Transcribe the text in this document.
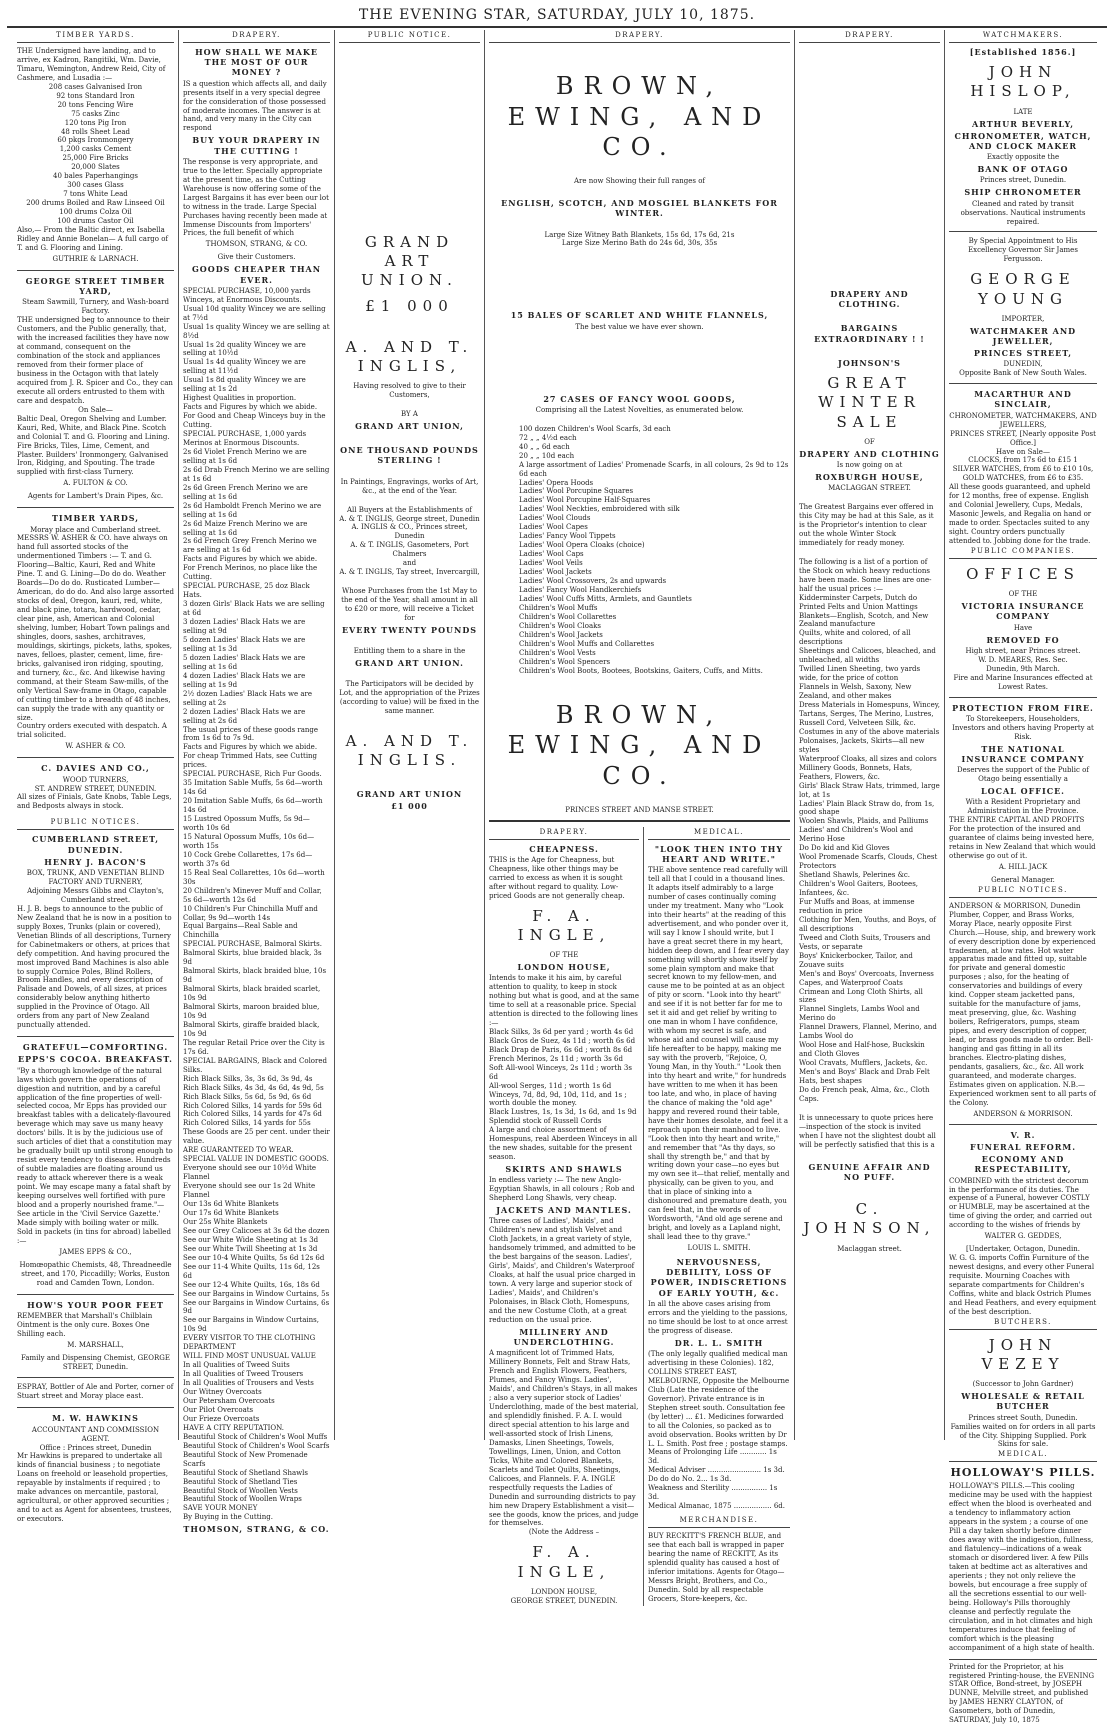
THE EVENING STAR, SATURDAY, JULY 10, 1875.
TIMBER YARDS.

THE Undersigned have landing, and to arrive, ex Kadron, Rangitiki, Wm. Davie, Timaru, Wemington, Andrew Reid, City of Cashmere, and Lusadia :—

208 cases Galvanised Iron
92 tons Standard Iron
20 tons Fencing Wire
75 casks Zinc
120 tons Pig Iron
48 rolls Sheet Lead
60 pkgs Ironmongery
1,200 casks Cement
25,000 Fire Bricks
20,000 Slates
40 bales Paperhangings
300 cases Glass
7 tons White Lead
200 drums Boiled and Raw Linseed Oil
100 drums Colza Oil
100 drums Castor Oil

Also,— From the Baltic direct, ex Isabella Ridley and Annie Bonelan— A full cargo of T. and G. Flooring and Lining.

GUTHRIE & LARNACH.
GEORGE STREET TIMBER YARD,
Steam Sawmill, Turnery, and Wash-board Factory.

THE undersigned beg to announce to their Customers, and the Public generally, that, with the increased facilities they have now at command, consequent on the combination of the stock and appliances removed from their former place of business in the Octagon with that lately acquired from J. R. Spicer and Co., they can execute all orders entrusted to them with care and despatch.

On Sale—

Baltic Deal, Oregon Shelving and Lumber. Kauri, Red, White, and Black Pine. Scotch and Colonial T. and G. Flooring and Lining. Fire Bricks, Tiles, Lime, Cement, and Plaster. Builders' Ironmongery, Galvanised Iron, Ridging, and Spouting. The trade supplied with first-class Turnery.

A. FULTON & CO.
Agents for Lambert's Drain Pipes, &c.
TIMBER YARDS,
Moray place and Cumberland street.

MESSRS W. ASHER & CO. have always on hand full assorted stocks of the undermentioned Timbers :— T. and G. Flooring—Baltic, Kauri, Red and White Pine. T. and G. Lining—Do do do. Weather Boards—Do do do. Rusticated Lumber—American, do do do. And also large assorted stocks of deal, Oregon, kauri, red, white, and black pine, totara, hardwood, cedar, clear pine, ash, American and Colonial shelving, lumber, Hobart Town palings and shingles, doors, sashes, architraves, mouldings, skirtings, pickets, laths, spokes, naves, felloes, plaster, cement, lime, fire-bricks, galvanised iron ridging, spouting, and turnery, &c., &c. And likewise having command, at their Steam Saw-mills, of the only Vertical Saw-frame in Otago, capable of cutting timber to a breadth of 48 inches, can supply the trade with any quantity or size.

Country orders executed with despatch. A trial solicited.

W. ASHER & CO.
C. DAVIES AND CO.,
WOOD TURNERS,
ST. ANDREW STREET, DUNEDIN.

All sizes of Finials, Gate Knobs, Table Legs, and Bedposts always in stock.

PUBLIC NOTICES.
CUMBERLAND STREET, DUNEDIN.
HENRY J. BACON'S
BOX, TRUNK, AND VENETIAN BLIND FACTORY AND TURNERY,
Adjoining Messrs Gibbs and Clayton's, Cumberland street.

H. J. B. begs to announce to the public of New Zealand that he is now in a position to supply Boxes, Trunks (plain or covered), Venetian Blinds of all descriptions, Turnery for Cabinetmakers or others, at prices that defy competition. And having procured the most improved Band Machines is also able to supply Cornice Poles, Blind Rollers, Broom Handles, and every description of Palisade and Dowels, of all sizes, at prices considerably below anything hitherto supplied in the Province of Otago. All orders from any part of New Zealand punctually attended.

GRATEFUL—COMFORTING.
EPPS'S COCOA. BREAKFAST.

"By a thorough knowledge of the natural laws which govern the operations of digestion and nutrition, and by a careful application of the fine properties of well-selected cocoa, Mr Epps has provided our breakfast tables with a delicately-flavoured beverage which may save us many heavy doctors' bills. It is by the judicious use of such articles of diet that a constitution may be gradually built up until strong enough to resist every tendency to disease. Hundreds of subtle maladies are floating around us ready to attack wherever there is a weak point. We may escape many a fatal shaft by keeping ourselves well fortified with pure blood and a properly nourished frame."—See article in the 'Civil Service Gazette.' Made simply with boiling water or milk. Sold in packets (in tins for abroad) labelled :—

JAMES EPPS & CO.,
Homœopathic Chemists, 48, Threadneedle street, and 170, Piccadilly; Works, Euston road and Camden Town, London.
HOW'S YOUR POOR FEET

REMEMBER that Marshall's Chilblain Ointment is the only cure. Boxes One Shilling each.

M. MARSHALL,
Family and Dispensing Chemist, GEORGE STREET, Dunedin.

ESPRAY, Bottler of Ale and Porter, corner of Stuart street and Moray place east.

M. W. HAWKINS
ACCOUNTANT AND COMMISSION AGENT.
Office : Princes street, Dunedin

Mr Hawkins is prepared to undertake all kinds of financial business ; to negotiate Loans on freehold or leasehold properties, repayable by instalments if required ; to make advances on mercantile, pastoral, agricultural, or other approved securities ; and to act as Agent for absentees, trustees, or executors.

DRAPERY.
HOW SHALL WE MAKE THE MOST OF OUR MONEY ?

IS a question which affects all, and daily presents itself in a very special degree for the consideration of those possessed of moderate incomes. The answer is at hand, and very many in the City can respond

BUY YOUR DRAPERY IN THE CUTTING !

The response is very appropriate, and true to the letter. Specially appropriate at the present time, as the Cutting Warehouse is now offering some of the Largest Bargains it has ever been our lot to witness in the trade. Large Special Purchases having recently been made at Immense Discounts from Importers' Prices, the full benefit of which

THOMSON, STRANG, & CO.
Give their Customers.
GOODS CHEAPER THAN EVER.
SPECIAL PURCHASE, 10,000 yards Winceys, at Enormous Discounts.
Usual 10d quality Wincey we are selling at 7½d
Usual 1s quality Wincey we are selling at 8½d
Usual 1s 2d quality Wincey we are selling at 10½d
Usual 1s 4d quality Wincey we are selling at 11½d
Usual 1s 8d quality Wincey we are selling at 1s 2d
Highest Qualities in proportion.
Facts and Figures by which we abide.
For Good and Cheap Winceys buy in the Cutting.
SPECIAL PURCHASE, 1,000 yards Merinos at Enormous Discounts.
2s 6d Violet French Merino we are selling at 1s 6d
2s 6d Drab French Merino we are selling at 1s 6d
2s 6d Green French Merino we are selling at 1s 6d
2s 6d Hamboldt French Merino we are selling at 1s 6d
2s 6d Maize French Merino we are selling at 1s 6d
2s 6d French Grey French Merino we are selling at 1s 6d
Facts and Figures by which we abide.
For French Merinos, no place like the Cutting.
SPECIAL PURCHASE, 25 doz Black Hats.
3 dozen Girls' Black Hats we are selling at 6d
3 dozen Ladies' Black Hats we are selling at 9d
5 dozen Ladies' Black Hats we are selling at 1s 3d
5 dozen Ladies' Black Hats we are selling at 1s 6d
4 dozen Ladies' Black Hats we are selling at 1s 9d
2½ dozen Ladies' Black Hats we are selling at 2s
2 dozen Ladies' Black Hats we are selling at 2s 6d
The usual prices of these goods range from 1s 6d to 7s 9d.
Facts and Figures by which we abide.
For cheap Trimmed Hats, see Cutting prices.
SPECIAL PURCHASE, Rich Fur Goods.
35 Imitation Sable Muffs, 5s 6d—worth 14s 6d
20 Imitation Sable Muffs, 6s 6d—worth 14s 6d
15 Lustred Opossum Muffs, 5s 9d—worth 10s 6d
15 Natural Opossum Muffs, 10s 6d—worth 15s
10 Cock Grebe Collarettes, 17s 6d—worth 37s 6d
15 Real Seal Collarettes, 10s 6d—worth 30s
20 Children's Minever Muff and Collar, 5s 6d—worth 12s 6d
10 Children's Fur Chinchilla Muff and Collar, 9s 9d—worth 14s
Equal Bargains—Real Sable and Chinchilla
SPECIAL PURCHASE, Balmoral Skirts.
Balmoral Skirts, blue braided black, 3s 9d
Balmoral Skirts, black braided blue, 10s 9d
Balmoral Skirts, black braided scarlet, 10s 9d
Balmoral Skirts, maroon braided blue, 10s 9d
Balmoral Skirts, giraffe braided black, 10s 9d
The regular Retail Price over the City is 17s 6d.
SPECIAL BARGAINS, Black and Colored Silks.
Rich Black Silks, 3s, 3s 6d, 3s 9d, 4s
Rich Black Silks, 4s 3d, 4s 6d, 4s 9d, 5s
Rich Black Silks, 5s 6d, 5s 9d, 6s 6d
Rich Colored Silks, 14 yards for 59s 6d
Rich Colored Silks, 14 yards for 47s 6d
Rich Colored Silks, 14 yards for 55s
These Goods are 25 per cent. under their value.
ARE GUARANTEED TO WEAR.
SPECIAL VALUE IN DOMESTIC GOODS.
Everyone should see our 10½d White Flannel
Everyone should see our 1s 2d White Flannel
Our 13s 6d White Blankets
Our 17s 6d White Blankets
Our 25s White Blankets
See our Grey Calicoes at 3s 6d the dozen
See our White Wide Sheeting at 1s 3d
See our White Twill Sheeting at 1s 3d
See our 10-4 White Quilts, 5s 6d 12s 6d
See our 11-4 White Quilts, 11s 6d, 12s 6d
See our 12-4 White Quilts, 16s, 18s 6d
See our Bargains in Window Curtains, 5s
See our Bargains in Window Curtains, 6s 9d
See our Bargains in Window Curtains, 10s 9d
EVERY VISITOR TO THE CLOTHING DEPARTMENT
WILL FIND MOST UNUSUAL VALUE
In all Qualities of Tweed Suits
In all Qualities of Tweed Trousers
In all Qualities of Trousers and Vests
Our Witney Overcoats
Our Petersham Overcoats
Our Pilot Overcoats
Our Frieze Overcoats
HAVE A CITY REPUTATION.
Beautiful Stock of Children's Wool Muffs
Beautiful Stock of Children's Wool Scarfs
Beautiful Stock of New Promenade Scarfs
Beautiful Stock of Shetland Shawls
Beautiful Stock of Shetland Ties
Beautiful Stock of Woollen Vests
Beautiful Stock of Woollen Wraps
SAVE YOUR MONEY
By Buying in the Cutting.
THOMSON, STRANG, & CO.
PUBLIC NOTICE.
GRAND ART UNION.
£1 000
A. AND T. INGLIS,
Having resolved to give to their Customers,
BY A
GRAND ART UNION,
ONE THOUSAND POUNDS STERLING !

In Paintings, Engravings, works of Art, &c., at the end of the Year.

All Buyers at the Establishments of
A. & T. INGLIS, George street, Dunedin
A. INGLIS & CO., Princes street, Dunedin
A. & T. INGLIS, Gasometers, Port Chalmers
and
A. & T. INGLIS, Tay street, Invercargill,

Whose Purchases from the 1st May to the end of the Year, shall amount in all to £20 or more, will receive a Ticket for

EVERY TWENTY POUNDS
Entitling them to a share in the
GRAND ART UNION.

The Participators will be decided by Lot, and the appropriation of the Prizes (according to value) will be fixed in the same manner.

A. AND T. INGLIS.
GRAND ART UNION
£1 000
DRAPERY.
BROWN, EWING, AND CO.
Are now Showing their full ranges of
ENGLISH, SCOTCH, AND MOSGIEL BLANKETS FOR WINTER.
Large Size Witney Bath Blankets, 15s 6d, 17s 6d, 21s
Large Size Merino Bath do 24s 6d, 30s, 35s
15 BALES OF SCARLET AND WHITE FLANNELS,
The best value we have ever shown.
27 CASES OF FANCY WOOL GOODS,
Comprising all the Latest Novelties, as enumerated below.
100 dozen Children's Wool Scarfs, 3d each
72 „ „ 4½d each
40 „ „ 6d each
20 „ „ 10d each
A large assortment of Ladies' Promenade Scarfs, in all colours, 2s 9d to 12s 6d each
Ladies' Opera Hoods
Ladies' Wool Porcupine Squares
Ladies' Wool Porcupine Half-Squares
Ladies' Wool Neckties, embroidered with silk
Ladies' Wool Clouds
Ladies' Wool Capes
Ladies' Fancy Wool Tippets
Ladies' Wool Opera Cloaks (choice)
Ladies' Wool Caps
Ladies' Wool Veils
Ladies' Wool Jackets
Ladies' Wool Crossovers, 2s and upwards
Ladies' Fancy Wool Handkerchiefs
Ladies' Wool Cuffs Mitts, Armlets, and Gauntlets
Children's Wool Muffs
Children's Wool Collarettes
Children's Wool Cloaks
Children's Wool Jackets
Children's Wool Muffs and Collarettes
Children's Wool Vests
Children's Wool Spencers
Children's Wool Boots, Bootees, Bootskins, Gaiters, Cuffs, and Mitts.
BROWN, EWING, AND CO.
PRINCES STREET AND MANSE STREET.
DRAPERY.
CHEAPNESS.

THIS is the Age for Cheapness, but Cheapness, like other things may be carried to excess as when it is sought after without regard to quality. Low-priced Goods are not generally cheap.

F. A. INGLE,
OF THE
LONDON HOUSE,

Intends to make it his aim, by careful attention to quality, to keep in stock nothing but what is good, and at the same time to sell at a reasonable price. Special attention is directed to the following lines :—

Black Silks, 3s 6d per yard ; worth 4s 6d
Black Gros de Suez, 4s 11d ; worth 6s 6d
Black Drap de Paris, 6s 6d ; worth 8s 6d
French Merinos, 2s 11d ; worth 3s 6d
Soft All-wool Winceys, 2s 11d ; worth 3s 6d
All-wool Serges, 11d ; worth 1s 6d
Winceys, 7d, 8d, 9d, 10d, 11d, and 1s ; worth double the money.
Black Lustres, 1s, 1s 3d, 1s 6d, and 1s 9d
Splendid stock of Russell Cords

A large and choice assortment of Homespuns, real Aberdeen Winceys in all the new shades, suitable for the present season.

SKIRTS AND SHAWLS

In endless variety :— The new Anglo-Egyptian Shawls, in all colours ; Rob and Shepherd Long Shawls, very cheap.

JACKETS AND MANTLES.

Three cases of Ladies', Maids', and Children's new and stylish Velvet and Cloth Jackets, in a great variety of style, handsomely trimmed, and admitted to be the best bargains of the season. Ladies', Girls', Maids', and Children's Waterproof Cloaks, at half the usual price charged in town. A very large and superior stock of Ladies', Maids', and Children's Polonaises, in Black Cloth, Homespuns, and the new Costume Cloth, at a great reduction on the usual price.

MILLINERY AND UNDERCLOTHING.

A magnificent lot of Trimmed Hats, Millinery Bonnets, Felt and Straw Hats, French and English Flowers, Feathers, Plumes, and Fancy Wings. Ladies', Maids', and Children's Stays, in all makes ; also a very superior stock of Ladies' Underclothing, made of the best material, and splendidly finished. F. A. I. would direct special attention to his large and well-assorted stock of Irish Linens, Damasks, Linen Sheetings, Towels, Towellings, Linen, Union, and Cotton Ticks, White and Colored Blankets, Scarlets and Toilet Quilts, Sheetings, Calicoes, and Flannels. F. A. INGLE respectfully requests the Ladies of Dunedin and surrounding districts to pay him new Drapery Establishment a visit—see the goods, know the prices, and judge for themselves.

(Note the Address –
F. A. INGLE,
LONDON HOUSE,
GEORGE STREET, DUNEDIN.
MEDICAL.
"LOOK THEN INTO THY HEART AND WRITE."

THE above sentence read carefully will tell all that I could in a thousand lines. It adapts itself admirably to a large number of cases continually coming under my treatment. Many who "Look into their hearts" at the reading of this advertisement, and who ponder over it, will say I know I should write, but I have a great secret there in my heart, hidden deep down, and I fear every day something will shortly show itself by some plain symptom and make that secret known to my fellow-men, and cause me to be pointed at as an object of pity or scorn. "Look into thy heart" and see if it is not better far for me to set it aid and get relief by writing to one man in whom I have confidence, with whom my secret is safe, and whose aid and counsel will cause my life hereafter to be happy, making me say with the proverb, "Rejoice, O, Young Man, in thy Youth." "Look then into thy heart and write," for hundreds have written to me when it has been too late, and who, in place of having the chance of making the "old age" happy and revered round their table, have their homes desolate, and feel it a reproach upon their manhood to live. "Look then into thy heart and write," and remember that "As thy days, so shall thy strength be," and that by writing down your case—no eyes but my own see it—that relief, mentally and physically, can be given to you, and that in place of sinking into a dishonoured and premature death, you can feel that, in the words of Wordsworth, "And old age serene and bright, and lovely as a Lapland night, shall lead thee to thy grave."

LOUIS L. SMITH.
NERVOUSNESS, DEBILITY, LOSS OF POWER, INDISCRETIONS OF EARLY YOUTH, &c.

In all the above cases arising from errors and the yielding to the passions, no time should be lost to at once arrest the progress of disease.

DR. L. L. SMITH

(The only legally qualified medical man advertising in these Colonies). 182, COLLINS STREET EAST, MELBOURNE, Opposite the Melbourne Club (Late the residence of the Governor). Private entrance is in Stephen street south. Consultation fee (by letter) ... £1. Medicines forwarded to all the Colonies, so packed as to avoid observation. Books written by Dr L. L. Smith. Post free ; postage stamps.

Means of Prolonging Life ............ 1s 3d.
Medical Adviser ........................ 1s 3d.
Do do do No. 2... 1s 3d.
Weakness and Sterility ................ 1s 3d.
Medical Almanac, 1875 ................. 6d.
MERCHANDISE.

BUY RECKITT'S FRENCH BLUE, and see that each ball is wrapped in paper bearing the name of RECKITT, As its splendid quality has caused a host of inferior imitations. Agents for Otago—Messrs Bright, Brothers, and Co., Dunedin. Sold by all respectable Grocers, Store-keepers, &c.

DRAPERY.
DRAPERY AND CLOTHING.
BARGAINS EXTRAORDINARY ! !
JOHNSON'S
GREAT WINTER SALE
OF
DRAPERY AND CLOTHING
Is now going on at
ROXBURGH HOUSE,
MACLAGGAN STREET.

The Greatest Bargains ever offered in this City may be had at this Sale, as it is the Proprietor's intention to clear out the whole Winter Stock immediately for ready money.

The following is a list of a portion of the Stock on which heavy reductions have been made. Some lines are one-half the usual prices :—

Kidderminster Carpets, Dutch do
Printed Felts and Union Mattings
Blankets—English, Scotch, and New Zealand manufacture
Quilts, white and colored, of all descriptions
Sheetings and Calicoes, bleached, and unbleached, all widths
Twilled Linen Sheeting, two yards wide, for the price of cotton
Flannels in Welsh, Saxony, New Zealand, and other makes
Dress Materials in Homespuns, Wincey, Tartans, Serges, The Merino, Lustres, Russell Cord, Velveteen Silk, &c.
Costumes in any of the above materials
Polonaises, Jackets, Skirts—all new styles
Waterproof Cloaks, all sizes and colors
Millinery Goods, Bonnets, Hats, Feathers, Flowers, &c.
Girls' Black Straw Hats, trimmed, large lot, at 1s
Ladies' Plain Black Straw do, from 1s, good shape
Woolen Shawls, Plaids, and Palliums
Ladies' and Children's Wool and Merino Hose
Do Do kid and Kid Gloves
Wool Promenade Scarfs, Clouds, Chest Protectors
Shetland Shawls, Pelerines &c.
Children's Wool Gaiters, Bootees, Infantees, &c.
Fur Muffs and Boas, at immense reduction in price
Clothing for Men, Youths, and Boys, of all descriptions
Tweed and Cloth Suits, Trousers and Vests, or separate
Boys' Knickerbocker, Tailor, and Zouave suits
Men's and Boys' Overcoats, Inverness Capes, and Waterproof Coats
Crimean and Long Cloth Shirts, all sizes
Flannel Singlets, Lambs Wool and Merino do
Flannel Drawers, Flannel, Merino, and Lambs Wool do
Wool Hose and Half-hose, Buckskin and Cloth Gloves
Wool Cravats, Mufflers, Jackets, &c.
Men's and Boys' Black and Drab Felt Hats, best shapes
Do do French peak, Alma, &c., Cloth Caps.

It is unnecessary to quote prices here—inspection of the stock is invited when I have not the slightest doubt all will be perfectly satisfied that this is a

GENUINE AFFAIR AND NO PUFF.
C. JOHNSON,
Maclaggan street.
WATCHMAKERS.
[Established 1856.]
JOHN HISLOP,
LATE
ARTHUR BEVERLY,
CHRONOMETER, WATCH, AND CLOCK MAKER
Exactly opposite the
BANK OF OTAGO
Princes street, Dunedin.
SHIP CHRONOMETER

Cleaned and rated by transit observations. Nautical instruments repaired.

By Special Appointment to His Excellency Governor Sir James Fergusson.

GEORGE YOUNG
IMPORTER,
WATCHMAKER AND JEWELLER,
PRINCES STREET,
DUNEDIN,
Opposite Bank of New South Wales.
MACARTHUR AND SINCLAIR,
CHRONOMETER, WATCHMAKERS, AND JEWELLERS,
PRINCES STREET, [Nearly opposite Post Office.]
Have on Sale—
CLOCKS, from 17s 6d to £15 1
SILVER WATCHES, from £6 to £10 10s,
GOLD WATCHES, from £6 to £35.

All these goods guaranteed, and upheld for 12 months, free of expense. English and Colonial Jewellery, Cups, Medals, Masonic Jewels, and Regalia on hand or made to order. Spectacles suited to any sight. Country orders punctually attended to. Jobbing done for the trade.

PUBLIC COMPANIES.
OFFICES
OF THE
VICTORIA INSURANCE COMPANY
Have
REMOVED FO
High street, near Princes street.
W. D. MEARES, Res. Sec.
Dunedin, 9th March.

Fire and Marine Insurances effected at Lowest Rates.

PROTECTION FROM FIRE.

To Storekeepers, Householders, Investors and others having Property at Risk.

THE NATIONAL INSURANCE COMPANY

Deserves the support of the Public of Otago being essentially a

LOCAL OFFICE.

With a Resident Proprietary and Administration in the Province.

THE ENTIRE CAPITAL AND PROFITS For the protection of the insured and guarantee of claims being invested here, retains in New Zealand that which would otherwise go out of it.

A. HILL JACK
General Manager.
PUBLIC NOTICES.

ANDERSON & MORRISON, Dunedin Plumber, Copper, and Brass Works, Moray Place, nearly opposite First Church.—House, ship, and brewery work of every description done by experienced tradesmen, at low rates. Hot water apparatus made and fitted up, suitable for private and general domestic purposes ; also, for the heating of conservatories and buildings of every kind. Copper steam jacketted pans, suitable for the manufacture of jams, meat preserving, glue, &c. Washing boilers, Refrigerators, pumps, steam pipes, and every description of copper, lead, or brass goods made to order. Bell-hanging and gas fitting in all its branches. Electro-plating dishes, pendants, gasaliers, &c., &c. All work guaranteed, and moderate charges. Estimates given on application. N.B.—Experienced workmen sent to all parts of the Colony.

ANDERSON & MORRISON.
V. R.
FUNERAL REFORM.
ECONOMY AND RESPECTABILITY,

COMBINED with the strictest decorum in the performance of its duties. The expense of a Funeral, however COSTLY or HUMBLE, may be ascertained at the time of giving the order, and carried out according to the wishes of friends by

WALTER G. GEDDES,
[Undertaker, Octagon, Dunedin.

W. G. G. imports Coffin Furniture of the newest designs, and every other Funeral requisite. Mourning Coaches with separate compartments for Children's Coffins, white and black Ostrich Plumes and Head Feathers, and every equipment of the best description.

BUTCHERS.
JOHN VEZEY
(Successor to John Gardner)
WHOLESALE & RETAIL BUTCHER
Princes street South, Dunedin.

Families waited on for orders in all parts of the City. Shipping Supplied. Pork Skins for sale.

MEDICAL.
HOLLOWAY'S PILLS.

HOLLOWAY'S PILLS.—This cooling medicine may be used with the happiest effect when the blood is overheated and a tendency to inflammatory action appears in the system ; a course of one Pill a day taken shortly before dinner does away with the indigestion, fullness, and flatulency—indications of a weak stomach or disordered liver. A few Pills taken at bedtime act as alteratives and aperients ; they not only relieve the bowels, but encourage a free supply of all the secretions essential to our well-being. Holloway's Pills thoroughly cleanse and perfectly regulate the circulation, and in hot climates and high temperatures induce that feeling of comfort which is the pleasing accompaniment of a high state of health.

Printed for the Proprietor, at his registered Printing-house, the EVENING STAR Office, Bond-street, by JOSEPH DUNNE, Melville street, and published by JAMES HENRY CLAYTON, of Gasometers, both of Dunedin, SATURDAY, July 10, 1875
